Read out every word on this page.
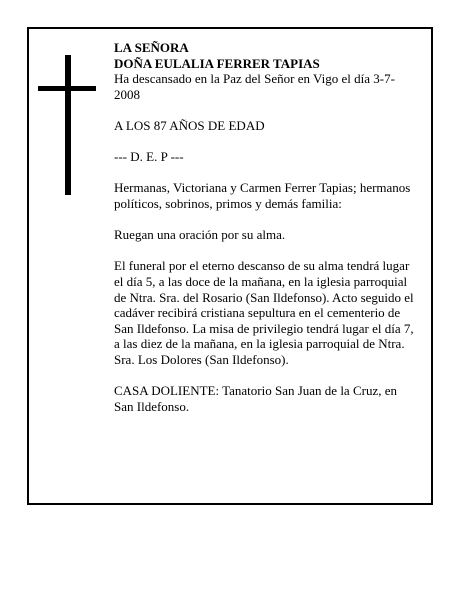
LA SEÑORA

DOÑA EULALIA FERRER TAPIAS

Ha descansado en la Paz del Señor en Vigo el día 3-7-2008

A LOS 87 AÑOS DE EDAD

--- D. E. P ---

Hermanas, Victoriana y Carmen Ferrer Tapias; hermanos políticos, sobrinos, primos y demás familia:

Ruegan una oración por su alma.

El funeral por el eterno descanso de su alma tendrá lugar el día 5, a las doce de la mañana, en la iglesia parroquial de Ntra. Sra. del Rosario (San Ildefonso). Acto seguido el cadáver recibirá cristiana sepultura en el cementerio de San Ildefonso. La misa de privilegio tendrá lugar el día 7, a las diez de la mañana, en la iglesia parroquial de Ntra. Sra. Los Dolores (San Ildefonso).

CASA DOLIENTE: Tanatorio San Juan de la Cruz, en San Ildefonso.
